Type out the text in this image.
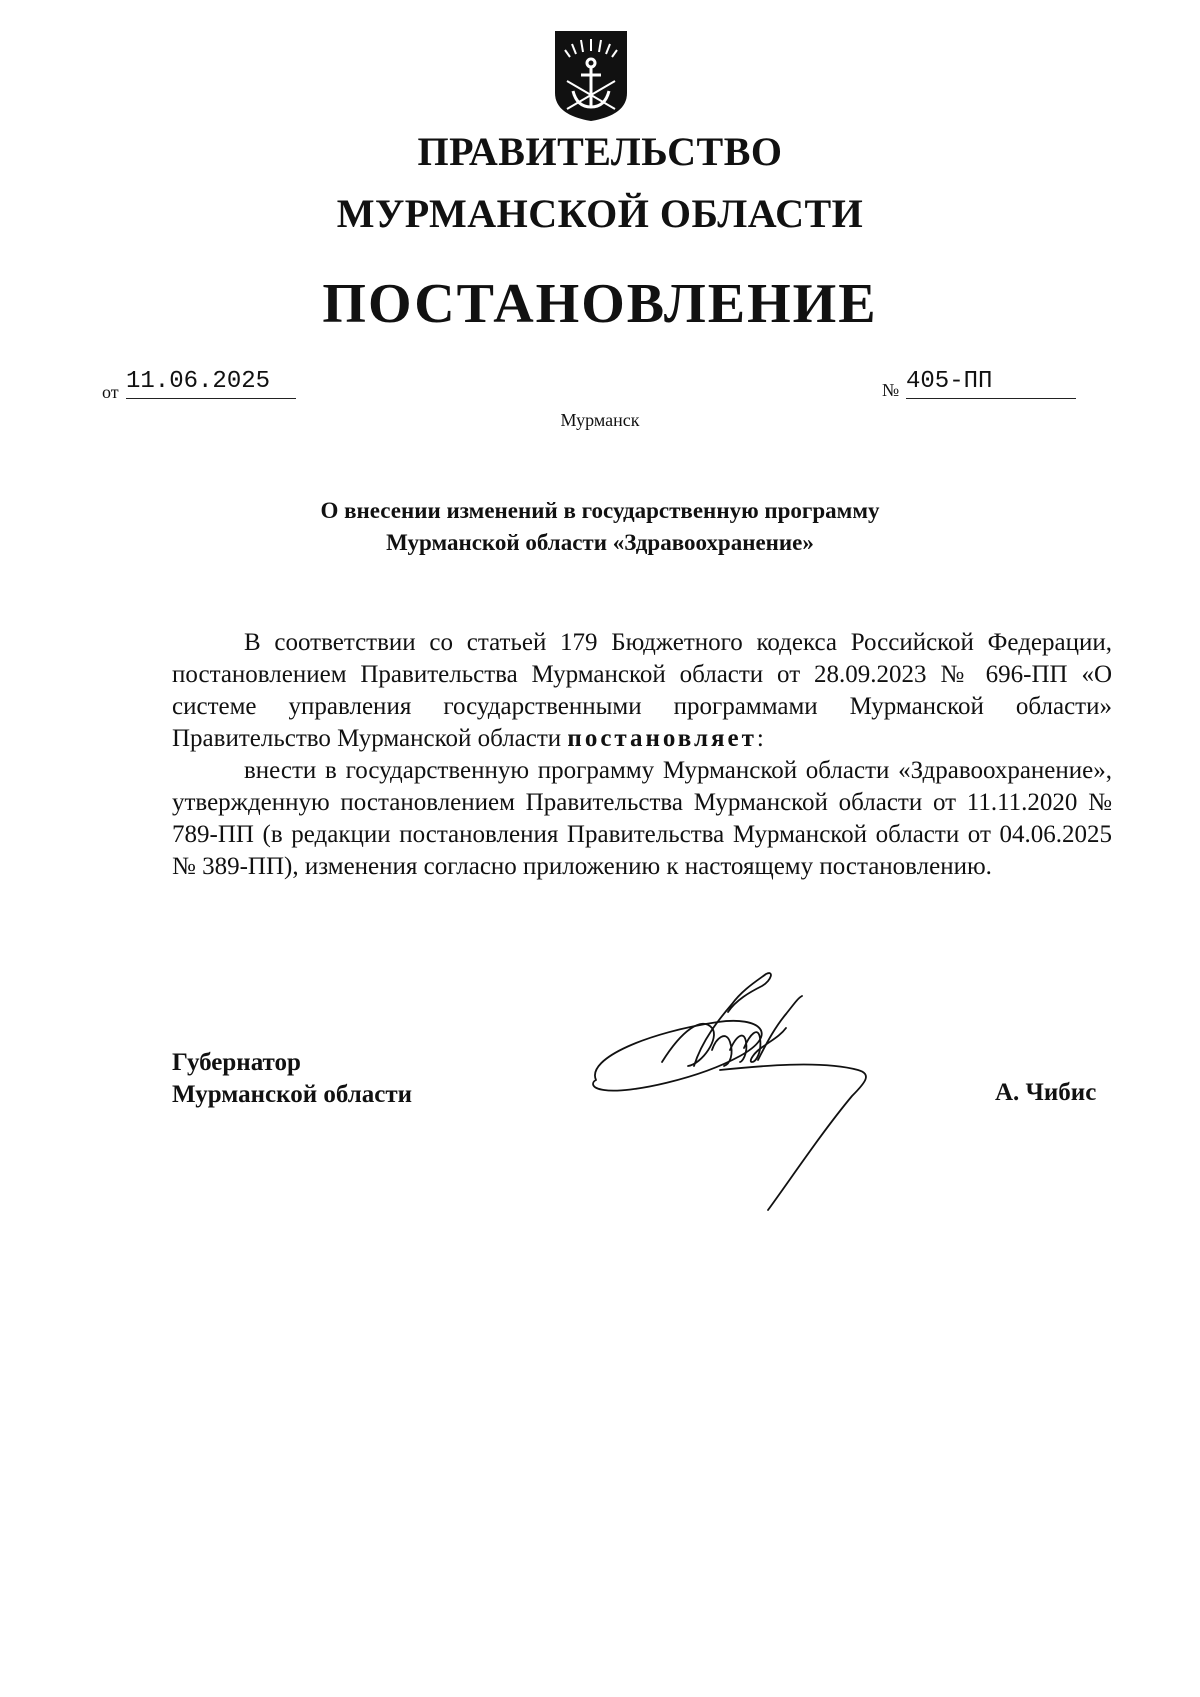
ПРАВИТЕЛЬСТВО
МУРМАНСКОЙ ОБЛАСТИ
ПОСТАНОВЛЕНИЕ
от 11.06.2025	№ 405-ПП
Мурманск
О внесении изменений в государственную программу
Мурманской области «Здравоохранение»

В соответствии со статьей 179 Бюджетного кодекса Российской Федерации, постановлением Правительства Мурманской области от 28.09.2023 № 696-ПП «О системе управления государственными программами Мурманской области» Правительство Мурманской области постановляет:

внести в государственную программу Мурманской области «Здравоохранение», утвержденную постановлением Правительства Мурманской области от 11.11.2020 № 789-ПП (в редакции постановления Правительства Мурманской области от 04.06.2025 № 389-ПП), изменения согласно приложению к настоящему постановлению.

Губернатор
Мурманской области	А. Чибис
